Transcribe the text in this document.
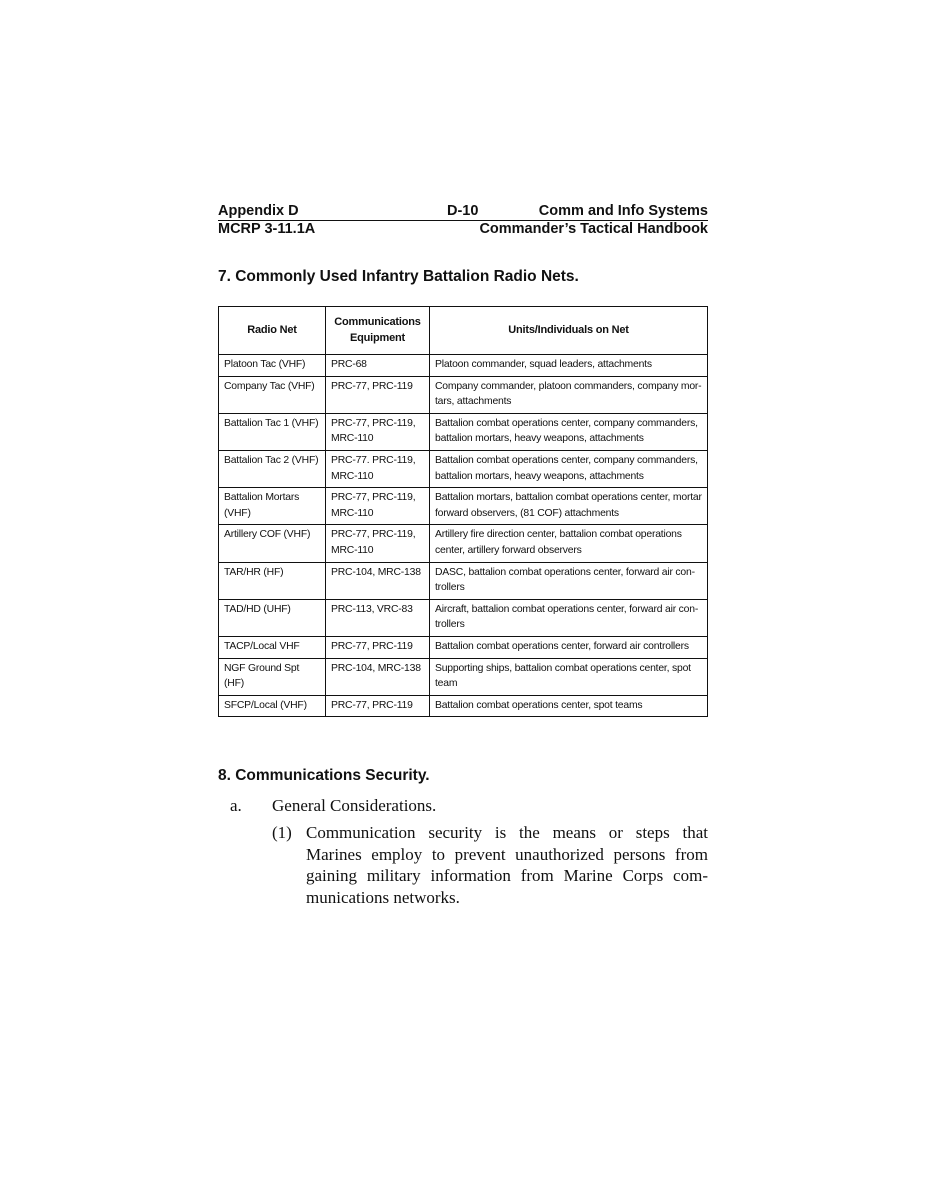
Appendix D	D-10	Comm and Info Systems
MCRP 3-11.1A	Commander’s Tactical Handbook
7. Commonly Used Infantry Battalion Radio Nets.
Radio Net	Communications Equipment	Units/Individuals on Net
Platoon Tac (VHF)	PRC-68	Platoon commander, squad leaders, attachments
Company Tac (VHF)	PRC-77, PRC-119	Company commander, platoon commanders, company mor-tars, attachments
Battalion Tac 1 (VHF)	PRC-77, PRC-119, MRC-110	Battalion combat operations center, company commanders, battalion mortars, heavy weapons, attachments
Battalion Tac 2 (VHF)	PRC-77. PRC-119, MRC-110	Battalion combat operations center, company commanders, battalion mortars, heavy weapons, attachments
Battalion Mortars (VHF)	PRC-77, PRC-119, MRC-110	Battalion mortars, battalion combat operations center, mortar forward observers, (81 COF) attachments
Artillery COF (VHF)	PRC-77, PRC-119, MRC-110	Artillery fire direction center, battalion combat operations center, artillery forward observers
TAR/HR (HF)	PRC-104, MRC-138	DASC, battalion combat operations center, forward air con-trollers
TAD/HD (UHF)	PRC-113, VRC-83	Aircraft, battalion combat operations center, forward air con-trollers
TACP/Local VHF	PRC-77, PRC-119	Battalion combat operations center, forward air controllers
NGF Ground Spt (HF)	PRC-104, MRC-138	Supporting ships, battalion combat operations center, spot team
SFCP/Local (VHF)	PRC-77, PRC-119	Battalion combat operations center, spot teams
8. Communications Security.
a. General Considerations.
(1) Communication security is the means or steps that Marines employ to prevent unauthorized persons from gaining military information from Marine Corps com-munications networks.
